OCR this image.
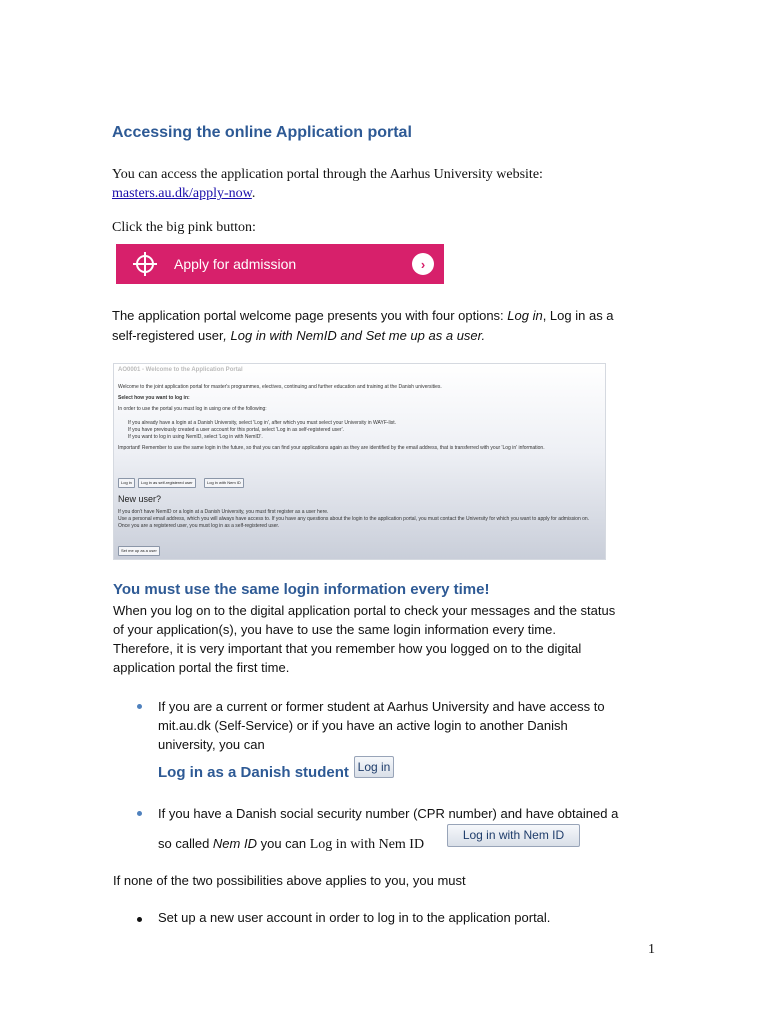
Accessing the online Application portal
You can access the application portal through the Aarhus University website:
masters.au.dk/apply-now.
Click the big pink button:
Apply for admission	›
The application portal welcome page presents you with four options: Log in, Log in as a
self-registered user, Log in with NemID and Set me up as a user.
AO0001 - Welcome to the Application Portal
Welcome to the joint application portal for master's programmes, electives, continuing and further education and training at the Danish universities.
Select how you want to log in:
In order to use the portal you must log in using one of the following:
If you already have a login at a Danish University, select 'Log in', after which you must select your University in WAYF-list.
If you have previously created a user account for this portal, select 'Log in as self-registered user'.
If you want to log in using NemID, select 'Log in with NemID'.
Important! Remember to use the same login in the future, so that you can find your applications again as they are identified by the email address, that is transferred with your 'Log in' information.
Log in	Log in as self-registered user	Log in with Nem ID
New user?
If you don't have NemID or a login at a Danish University, you must first register as a user here.
Use a personal email address, which you will always have access to. If you have any questions about the login to the application portal, you must contact the University for which you want to apply for admission on.
Once you are a registered user, you must log in as a self-registered user.
Set me up as a user
You must use the same login information every time!
When you log on to the digital application portal to check your messages and the status
of your application(s), you have to use the same login information every time.
Therefore, it is very important that you remember how you logged on to the digital
application portal the first time.
If you are a current or former student at Aarhus University and have access to
mit.au.dk (Self-Service) or if you have an active login to another Danish
university, you can
Log in as a Danish student Log in
If you have a Danish social security number (CPR number) and have obtained a
so called Nem ID you can Log in with Nem ID
Log in with Nem ID
If none of the two possibilities above applies to you, you must
Set up a new user account in order to log in to the application portal.
1
